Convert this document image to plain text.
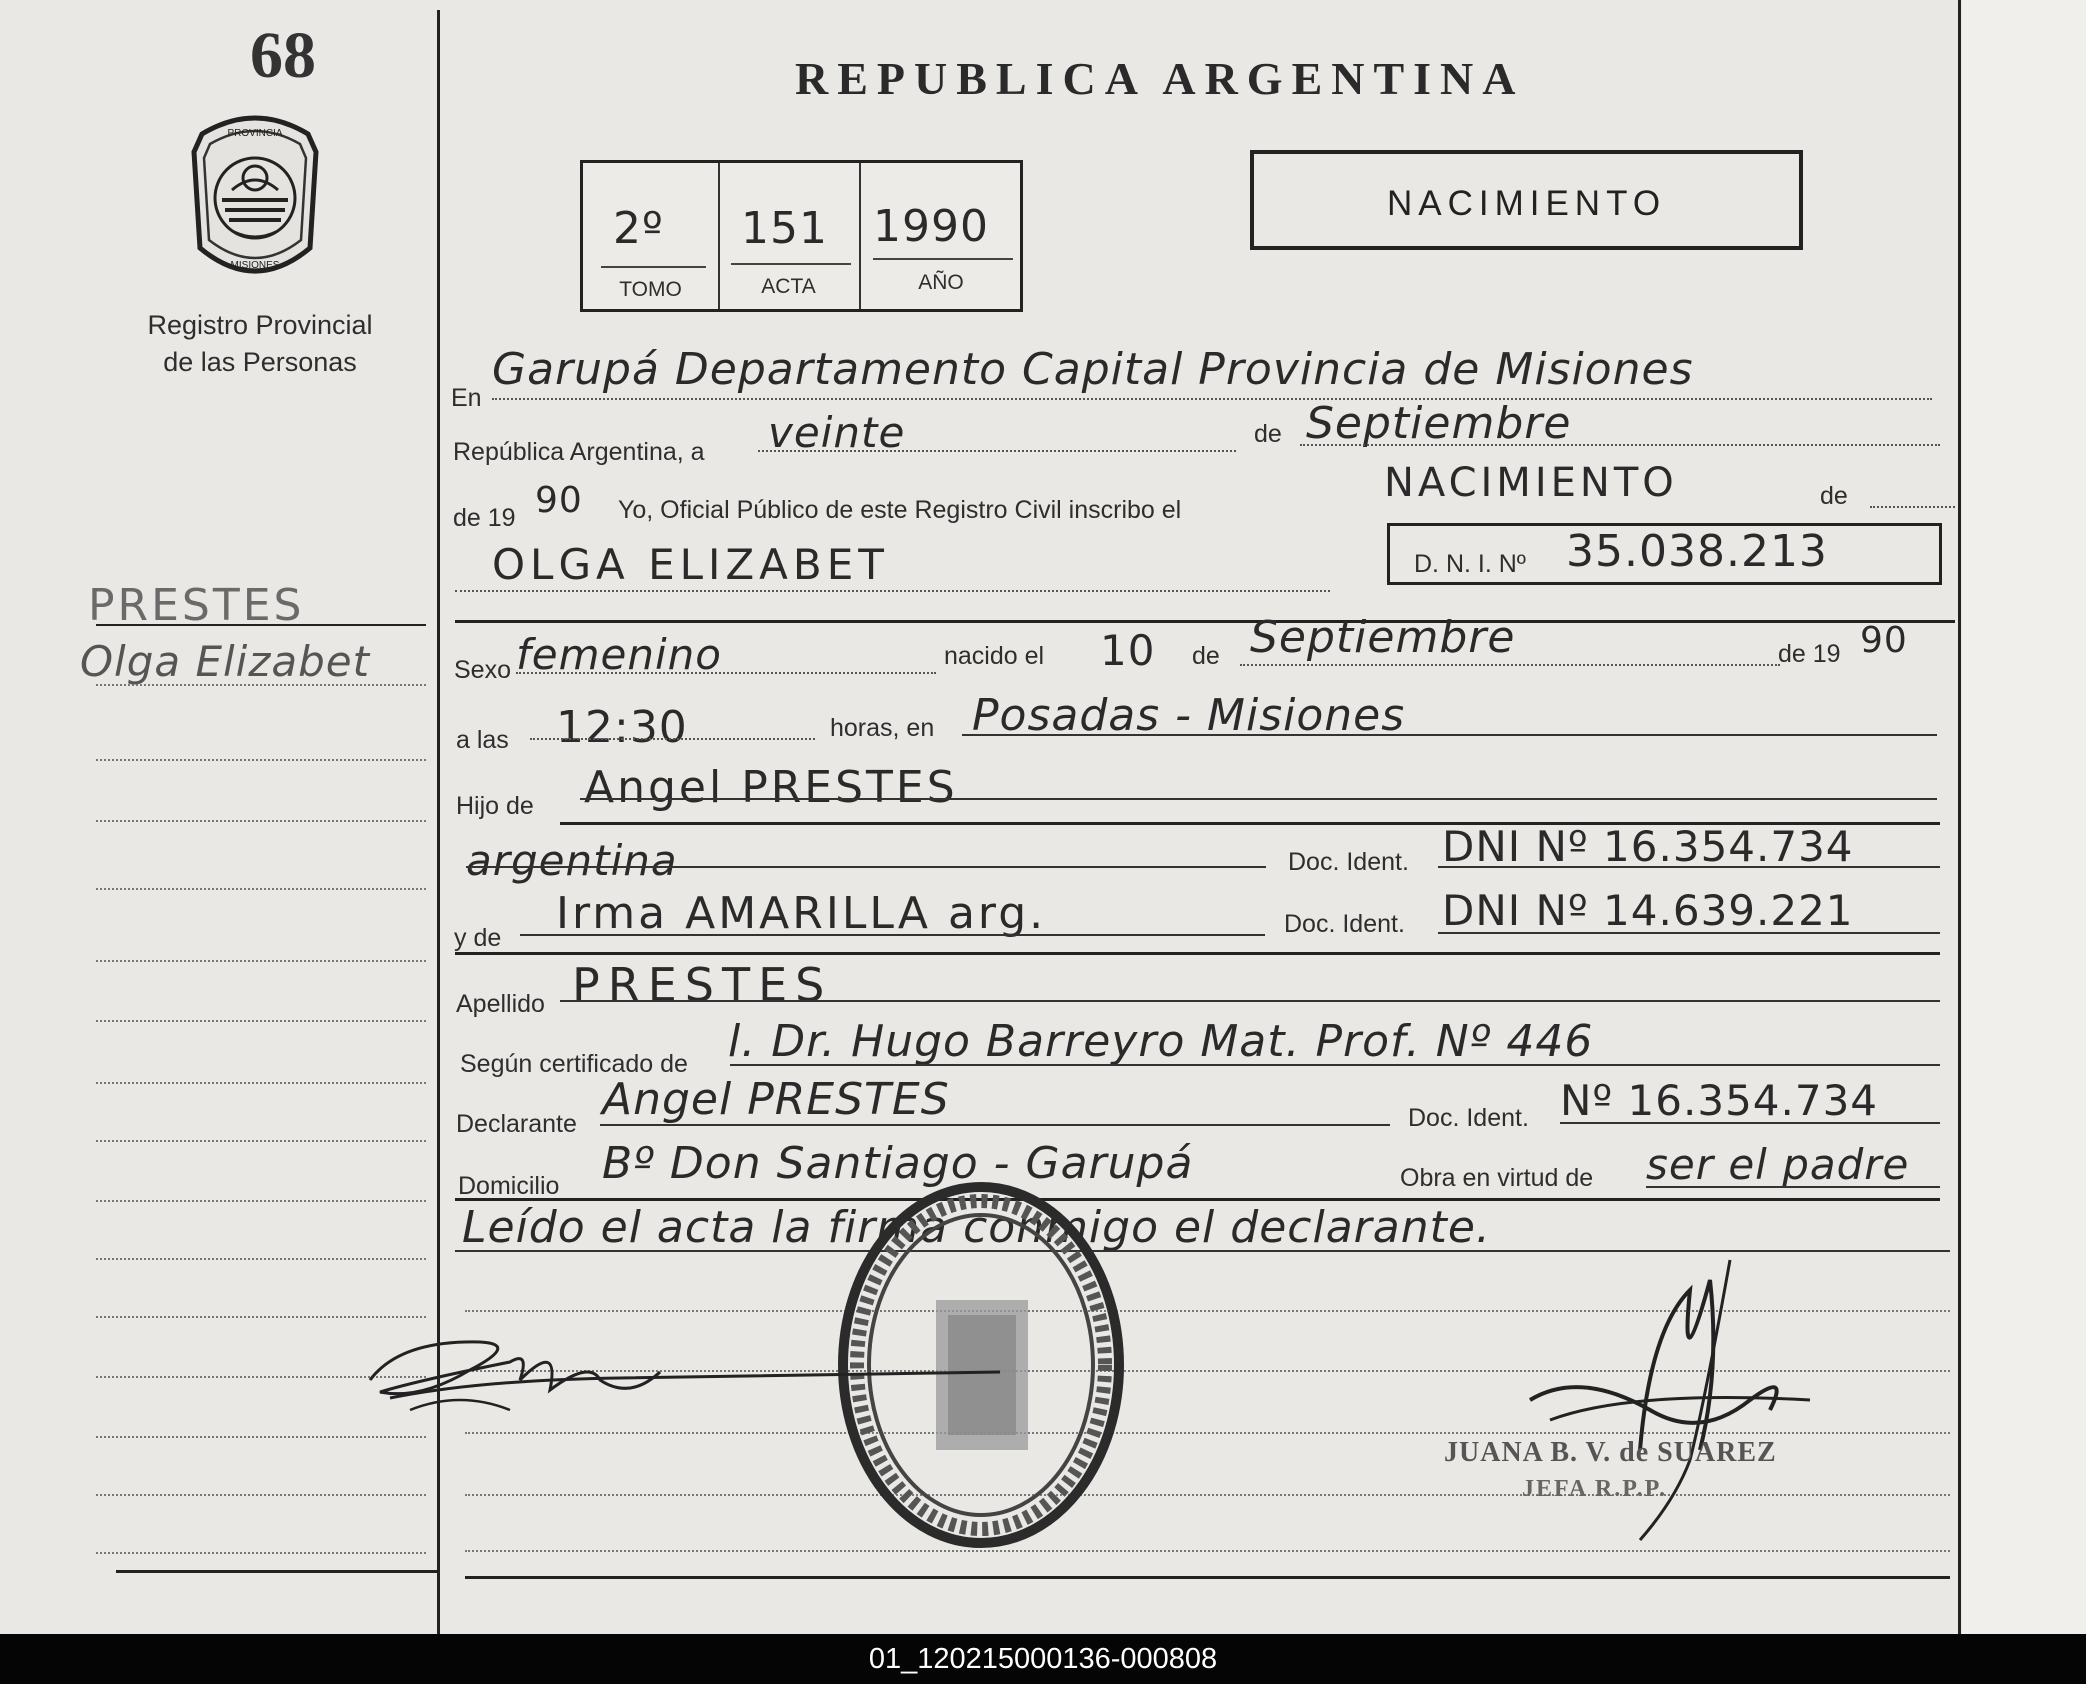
68
PROVINCIA
MISIONES
Registro Provincial
de las Personas
PRESTES
Olga Elizabet
REPUBLICA ARGENTINA
NACIMIENTO
2º 151 1990
TOMO	ACTA	AÑO
En
Garupá Departamento Capital Provincia de Misiones
República Argentina, a veinte	de Septiembre
de 19 90 Yo, Oficial Público de este Registro Civil inscribo el
NACIMIENTO	de
OLGA ELIZABET	D. N. I. Nº 35.038.213
Sexo femenino	nacido el 10 de Septiembre	de 19 90
a las 12:30	horas, en Posadas - Misiones
Hijo de Angel PRESTES
argentina	Doc. Ident. DNI Nº 16.354.734
y de Irma AMARILLA arg.	Doc. Ident. DNI Nº 14.639.221
Apellido PRESTES
Según certificado de l. Dr. Hugo Barreyro Mat. Prof. Nº 446
Declarante Angel PRESTES	Doc. Ident. Nº 16.354.734
Domicilio Bº Don Santiago - Garupá	Obra en virtud de ser el padre
Leído el acta la firma conmigo el declarante.
JUANA B. V. de SUAREZ
JEFA R.P.P.
01_120215000136-000808
